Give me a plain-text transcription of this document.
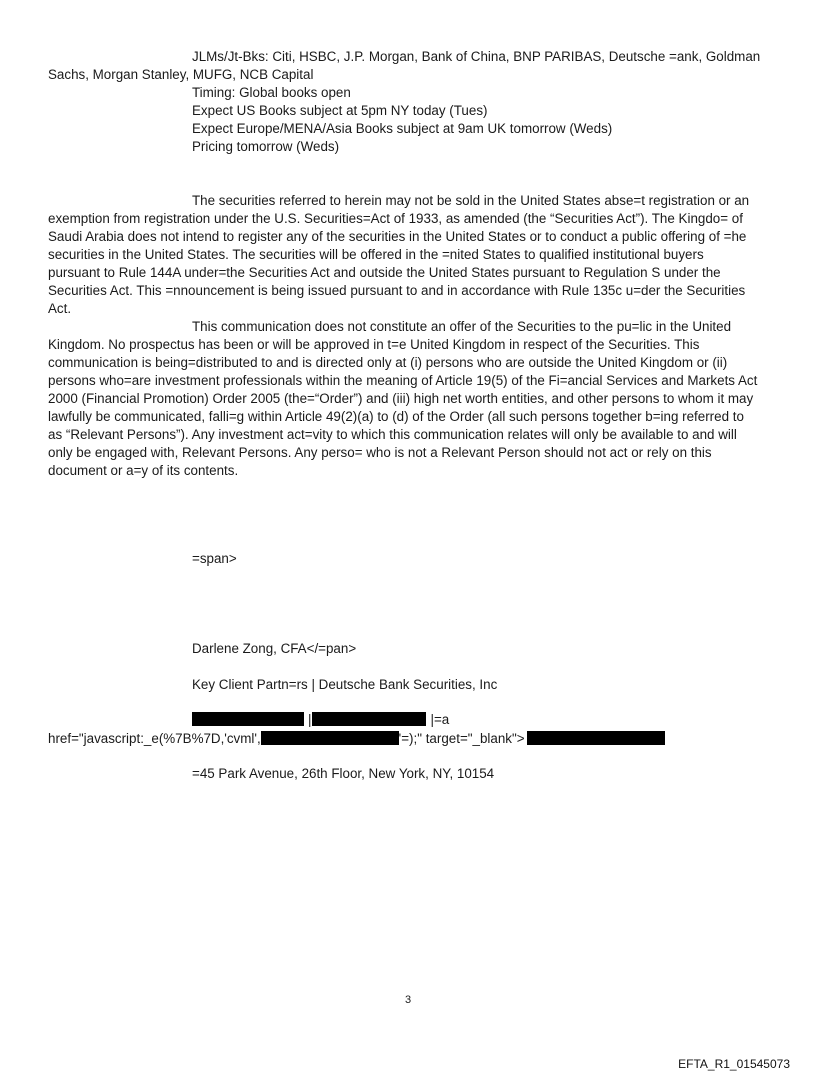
JLMs/Jt-Bks: Citi, HSBC, J.P. Morgan, Bank of China, BNP PARIBAS, Deutsche =ank, Goldman
Sachs, Morgan Stanley, MUFG, NCB Capital
Timing: Global books open
Expect US Books subject at 5pm NY today (Tues)
Expect Europe/MENA/Asia Books subject at 9am UK tomorrow (Weds)
Pricing tomorrow (Weds)
The securities referred to herein may not be sold in the United States abse=t registration or an
exemption from registration under the U.S. Securities=Act of 1933, as amended (the “Securities Act”). The Kingdo= of
Saudi Arabia does not intend to register any of the securities in the United States or to conduct a public offering of =he
securities in the United States. The securities will be offered in the =nited States to qualified institutional buyers
pursuant to Rule 144A under=the Securities Act and outside the United States pursuant to Regulation S under the
Securities Act. This =nnouncement is being issued pursuant to and in accordance with Rule 135c u=der the Securities
Act.
This communication does not constitute an offer of the Securities to the pu=lic in the United
Kingdom. No prospectus has been or will be approved in t=e United Kingdom in respect of the Securities. This
communication is being=distributed to and is directed only at (i) persons who are outside the United Kingdom or (ii)
persons who=are investment professionals within the meaning of Article 19(5) of the Fi=ancial Services and Markets Act
2000 (Financial Promotion) Order 2005 (the=“Order”) and (iii) high net worth entities, and other persons to whom it may
lawfully be communicated, falli=g within Article 49(2)(a) to (d) of the Order (all such persons together b=ing referred to
as “Relevant Persons”). Any investment act=vity to which this communication relates will only be available to and will
only be engaged with, Relevant Persons. Any perso= who is not a Relevant Person should not act or rely on this
document or a=y of its contents.
=span>
Darlene Zong, CFA</=pan>
Key Client Partn=rs | Deutsche Bank Securities, Inc
|	|=a
href="javascript:_e(%7B%7D,'cvml',	'=);" target="_blank">
=45 Park Avenue, 26th Floor, New York, NY, 10154
3
EFTA_R1_01545073
